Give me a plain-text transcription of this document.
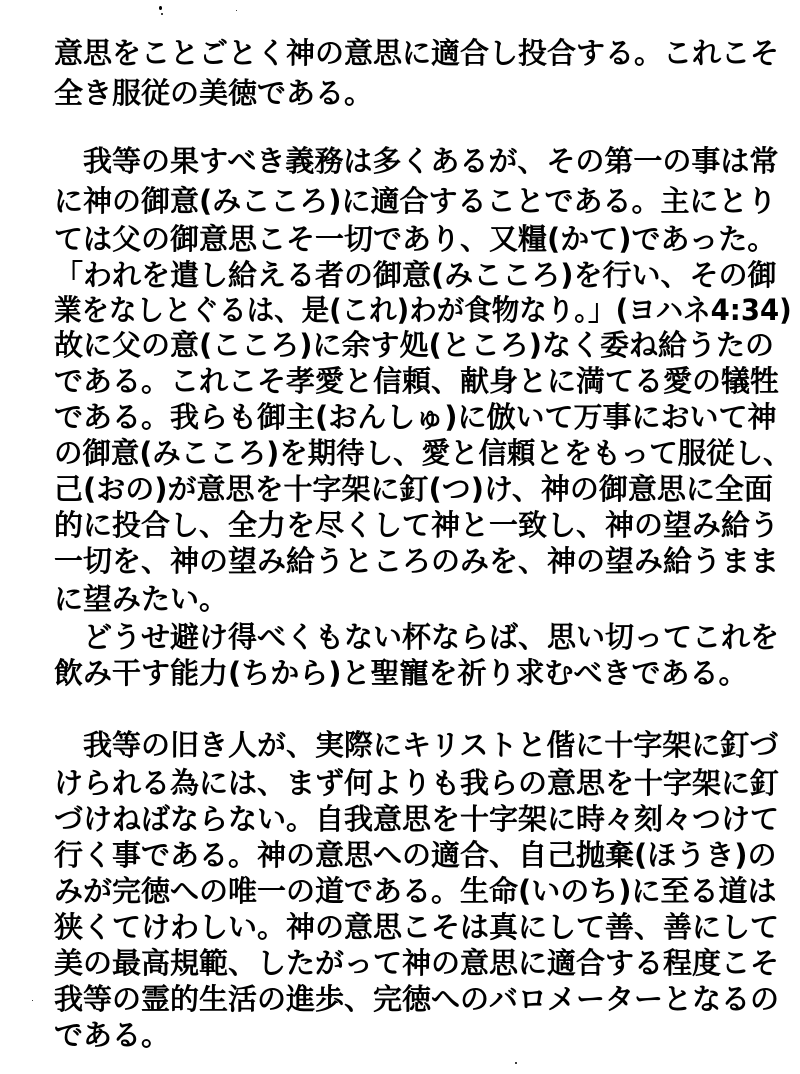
意思をことごとく神の意思に適合し投合する。これこそ
全き服従の美徳である。
　我等の果すべき義務は多くあるが、その第一の事は常
に神の御意(みこころ)に適合することである。主にとり
ては父の御意思こそ一切であり、又糧(かて)であった。
「われを遣し給える者の御意(みこころ)を行い、その御
業をなしとぐるは、是(これ)わが食物なり。」(ヨハネ4:34)
故に父の意(こころ)に余す処(ところ)なく委ね給うたの
である。これこそ孝愛と信頼、献身とに満てる愛の犠牲
である。我らも御主(おんしゅ)に倣いて万事において神
の御意(みこころ)を期待し、愛と信頼とをもって服従し、
己(おの)が意思を十字架に釘(つ)け、神の御意思に全面
的に投合し、全力を尽くして神と一致し、神の望み給う
一切を、神の望み給うところのみを、神の望み給うまま
に望みたい。
　どうせ避け得べくもない杯ならば、思い切ってこれを
飲み干す能力(ちから)と聖寵を祈り求むべきである。
　我等の旧き人が、実際にキリストと偕に十字架に釘づ
けられる為には、まず何よりも我らの意思を十字架に釘
づけねばならない。自我意思を十字架に時々刻々つけて
行く事である。神の意思への適合、自己抛棄(ほうき)の
みが完徳への唯一の道である。生命(いのち)に至る道は
狭くてけわしい。神の意思こそは真にして善、善にして
美の最高規範、したがって神の意思に適合する程度こそ
我等の霊的生活の進歩、完徳へのバロメーターとなるの
である。
